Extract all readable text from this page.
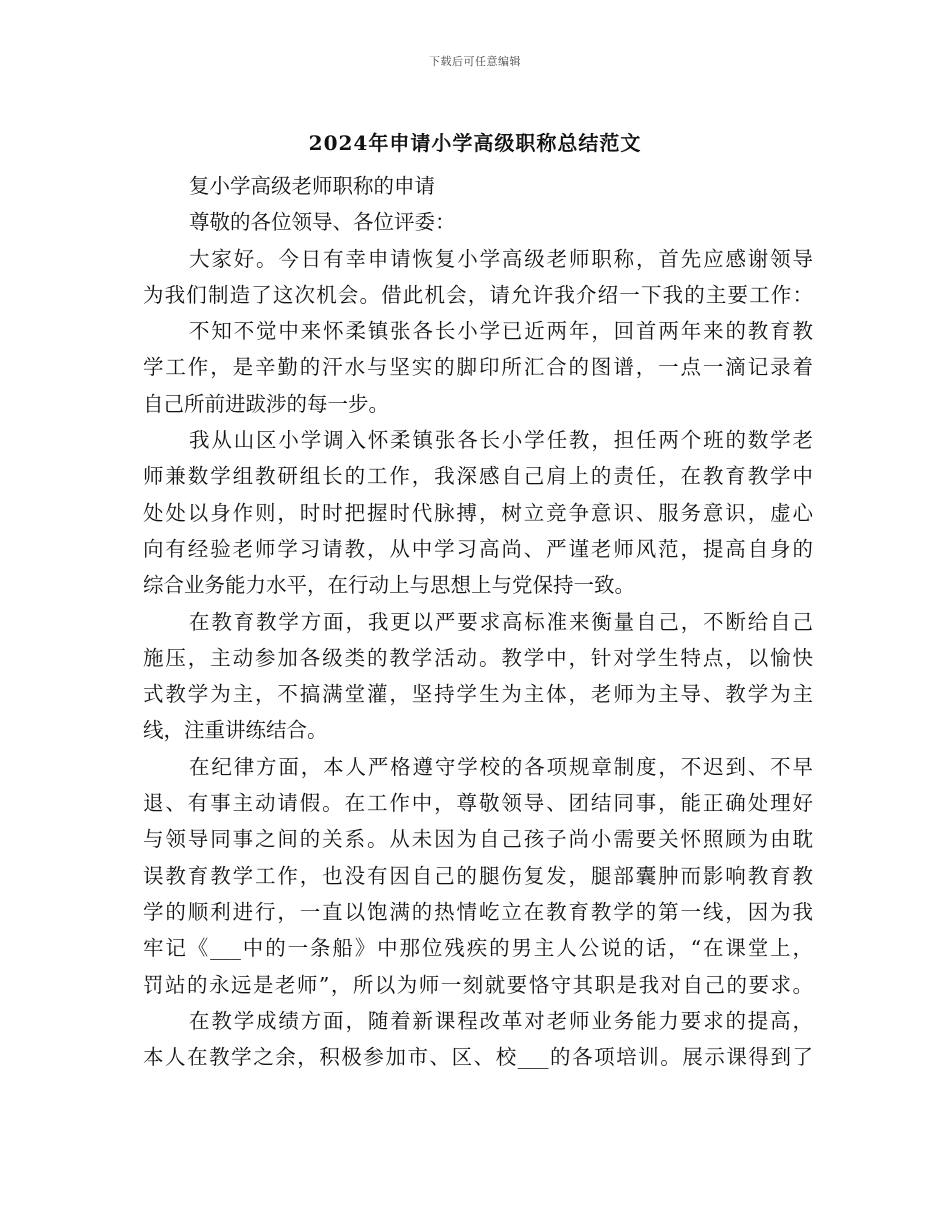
下载后可任意编辑
2024年申请小学高级职称总结范文
复小学高级老师职称的申请
尊敬的各位领导、各位评委：
大家好。今日有幸申请恢复小学高级老师职称，首先应感谢领导
为我们制造了这次机会。借此机会，请允许我介绍一下我的主要工作：
不知不觉中来怀柔镇张各长小学已近两年，回首两年来的教育教
学工作，是辛勤的汗水与坚实的脚印所汇合的图谱，一点一滴记录着
自己所前进跋涉的每一步。
我从山区小学调入怀柔镇张各长小学任教，担任两个班的数学老
师兼数学组教研组长的工作，我深感自己肩上的责任，在教育教学中
处处以身作则，时时把握时代脉搏，树立竞争意识、服务意识，虚心
向有经验老师学习请教，从中学习高尚、严谨老师风范，提高自身的
综合业务能力水平，在行动上与思想上与党保持一致。
在教育教学方面，我更以严要求高标准来衡量自己，不断给自己
施压，主动参加各级类的教学活动。教学中，针对学生特点，以愉快
式教学为主，不搞满堂灌，坚持学生为主体，老师为主导、教学为主
线，注重讲练结合。
在纪律方面，本人严格遵守学校的各项规章制度，不迟到、不早
退、有事主动请假。在工作中，尊敬领导、团结同事，能正确处理好
与领导同事之间的关系。从未因为自己孩子尚小需要关怀照顾为由耽
误教育教学工作，也没有因自己的腿伤复发，腿部囊肿而影响教育教
学的顺利进行，一直以饱满的热情屹立在教育教学的第一线，因为我
牢记《___中的一条船》中那位残疾的男主人公说的话，“在课堂上，
罚站的永远是老师”，所以为师一刻就要恪守其职是我对自己的要求。
在教学成绩方面，随着新课程改革对老师业务能力要求的提高，
本人在教学之余，积极参加市、区、校___的各项培训。展示课得到了
